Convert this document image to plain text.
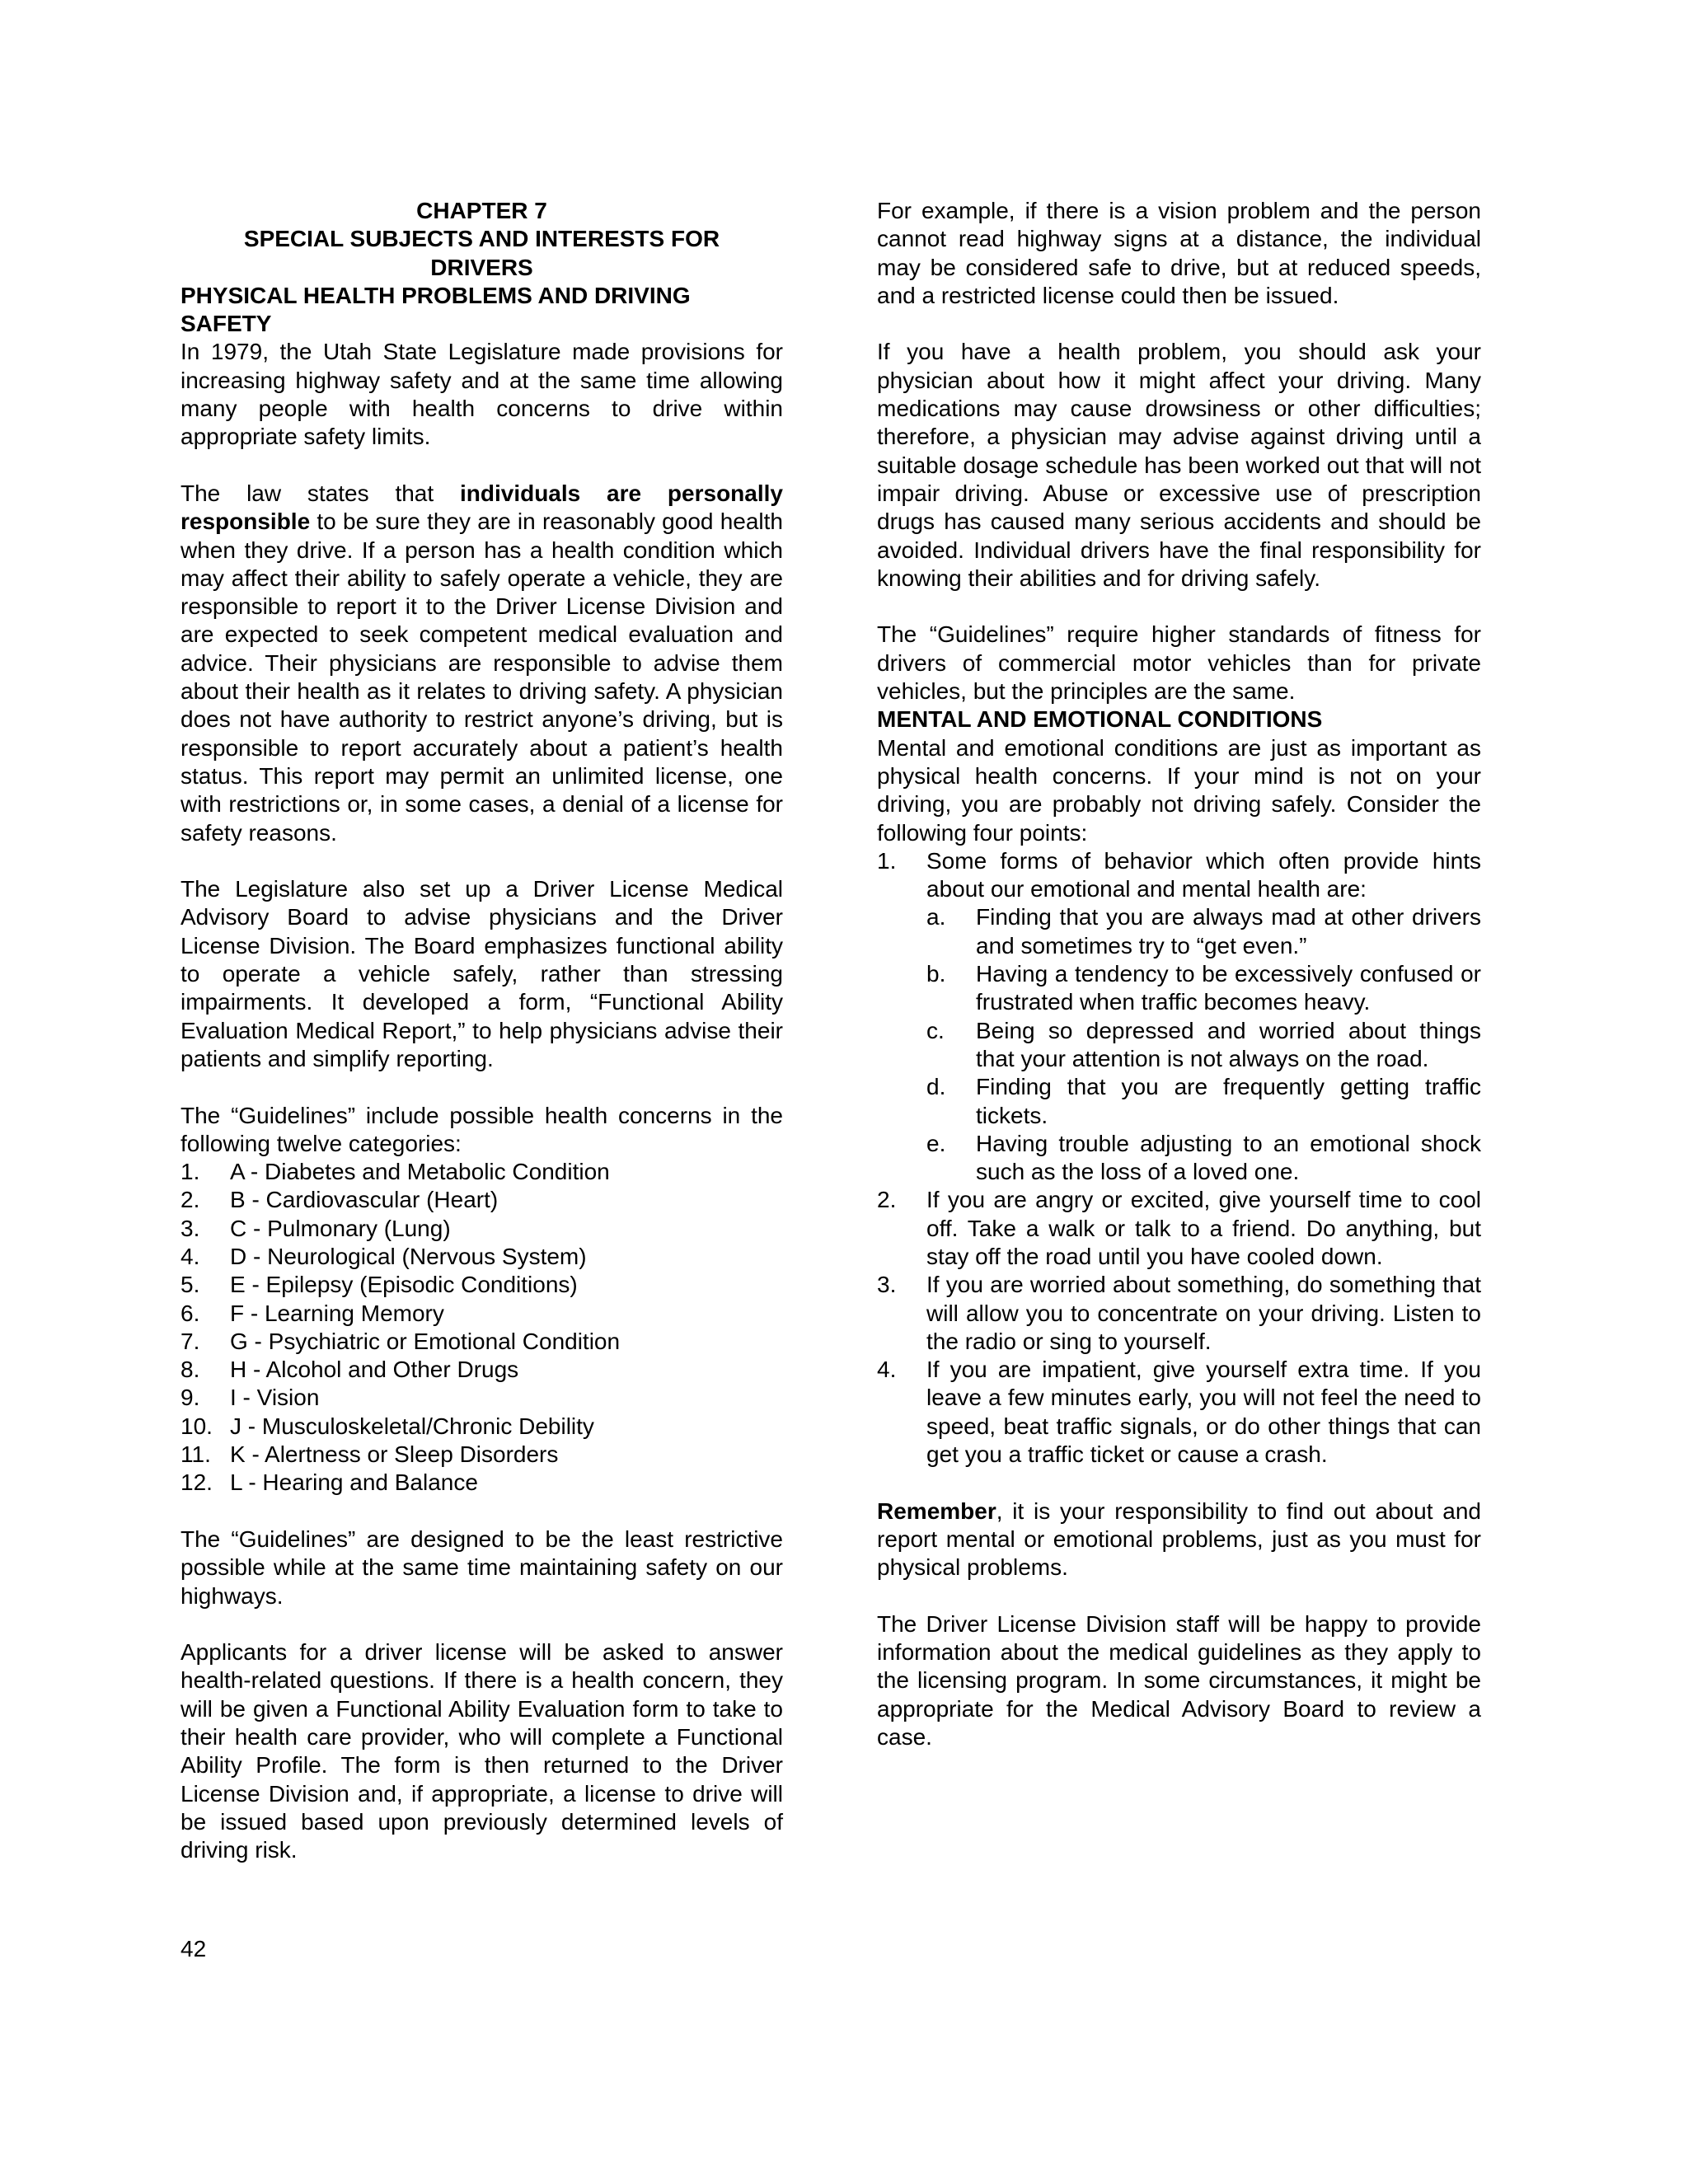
CHAPTER 7

SPECIAL SUBJECTS AND INTERESTS FOR

DRIVERS

PHYSICAL HEALTH PROBLEMS AND DRIVING

SAFETY

In 1979, the Utah State Legislature made provisions for increasing highway safety and at the same time allowing many people with health concerns to drive within appropriate safety limits.

The law states that individuals are personally responsible to be sure they are in reasonably good health when they drive. If a person has a health condition which may affect their ability to safely operate a vehicle, they are responsible to report it to the Driver License Division and are expected to seek competent medical evaluation and advice. Their physicians are responsible to advise them about their health as it relates to driving safety. A physician does not have authority to restrict anyone’s driving, but is responsible to report accurately about a patient’s health status. This report may permit an unlimited license, one with restrictions or, in some cases, a denial of a license for safety reasons.

The Legislature also set up a Driver License Medical Advisory Board to advise physicians and the Driver License Division. The Board emphasizes functional ability to operate a vehicle safely, rather than stressing impairments. It developed a form, “Functional Ability Evaluation Medical Report,” to help physicians advise their patients and simplify reporting.

The “Guidelines” include possible health concerns in the following twelve categories:

1. A - Diabetes and Metabolic Condition
2. B - Cardiovascular (Heart)
3. C - Pulmonary (Lung)
4. D - Neurological (Nervous System)
5. E - Epilepsy (Episodic Conditions)
6. F - Learning Memory
7. G - Psychiatric or Emotional Condition
8. H - Alcohol and Other Drugs
9. I - Vision
10. J - Musculoskeletal/Chronic Debility
11. K - Alertness or Sleep Disorders
12. L - Hearing and Balance

The “Guidelines” are designed to be the least restrictive possible while at the same time maintaining safety on our highways.

Applicants for a driver license will be asked to answer health-related questions. If there is a health concern, they will be given a Functional Ability Evaluation form to take to their health care provider, who will complete a Functional Ability Profile. The form is then returned to the Driver License Division and, if appropriate, a license to drive will be issued based upon previously determined levels of driving risk.

42

For example, if there is a vision problem and the person cannot read highway signs at a distance, the individual may be considered safe to drive, but at reduced speeds, and a restricted license could then be issued.

If you have a health problem, you should ask your physician about how it might affect your driving. Many medications may cause drowsiness or other difficulties; therefore, a physician may advise against driving until a suitable dosage schedule has been worked out that will not impair driving. Abuse or excessive use of prescription drugs has caused many serious accidents and should be avoided. Individual drivers have the final responsibility for knowing their abilities and for driving safely.

The “Guidelines” require higher standards of fitness for drivers of commercial motor vehicles than for private vehicles, but the principles are the same.

MENTAL AND EMOTIONAL CONDITIONS

Mental and emotional conditions are just as important as physical health concerns. If your mind is not on your driving, you are probably not driving safely. Consider the following four points:

1. Some forms of behavior which often provide hints about our emotional and mental health are:
a. Finding that you are always mad at other drivers and sometimes try to “get even.”
b. Having a tendency to be excessively confused or frustrated when traffic becomes heavy.
c. Being so depressed and worried about things that your attention is not always on the road.
d. Finding that you are frequently getting traffic tickets.
e. Having trouble adjusting to an emotional shock such as the loss of a loved one.
2. If you are angry or excited, give yourself time to cool off. Take a walk or talk to a friend. Do anything, but stay off the road until you have cooled down.
3. If you are worried about something, do something that will allow you to concentrate on your driving. Listen to the radio or sing to yourself.
4. If you are impatient, give yourself extra time. If you leave a few minutes early, you will not feel the need to speed, beat traffic signals, or do other things that can get you a traffic ticket or cause a crash.

Remember, it is your responsibility to find out about and report mental or emotional problems, just as you must for physical problems.

The Driver License Division staff will be happy to provide information about the medical guidelines as they apply to the licensing program. In some circumstances, it might be appropriate for the Medical Advisory Board to review a case.
